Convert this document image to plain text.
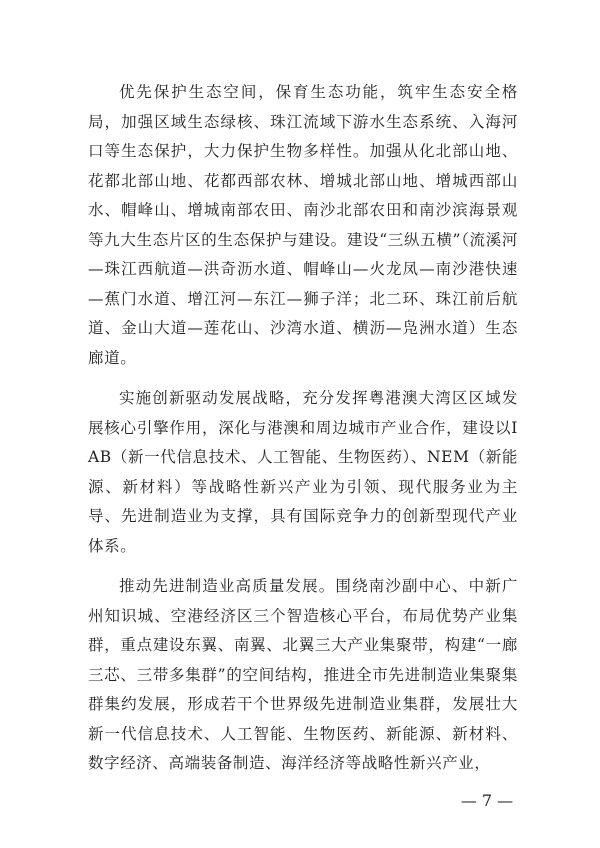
优先保护生态空间，保育生态功能，筑牢生态安全格局，加强区域生态绿核、珠江流域下游水生态系统、入海河口等生态保护，大力保护生物多样性。加强从化北部山地、花都北部山地、花都西部农林、增城北部山地、增城西部山水、帽峰山、增城南部农田、南沙北部农田和南沙滨海景观等九大生态片区的生态保护与建设。建设“三纵五横”（流溪河—珠江西航道—洪奇沥水道、帽峰山—火龙凤—南沙港快速—蕉门水道、增江河—东江—狮子洋；北二环、珠江前后航道、金山大道—莲花山、沙湾水道、横沥—凫洲水道）生态廊道。

实施创新驱动发展战略，充分发挥粤港澳大湾区区域发展核心引擎作用，深化与港澳和周边城市产业合作，建设以IAB（新一代信息技术、人工智能、生物医药）、NEM（新能源、新材料）等战略性新兴产业为引领、现代服务业为主导、先进制造业为支撑，具有国际竞争力的创新型现代产业体系。

推动先进制造业高质量发展。围绕南沙副中心、中新广州知识城、空港经济区三个智造核心平台，布局优势产业集群，重点建设东翼、南翼、北翼三大产业集聚带，构建“一廊三芯、三带多集群”的空间结构，推进全市先进制造业集聚集群集约发展，形成若干个世界级先进制造业集群，发展壮大新一代信息技术、人工智能、生物医药、新能源、新材料、数字经济、高端装备制造、海洋经济等战略性新兴产业，

— 7 —
